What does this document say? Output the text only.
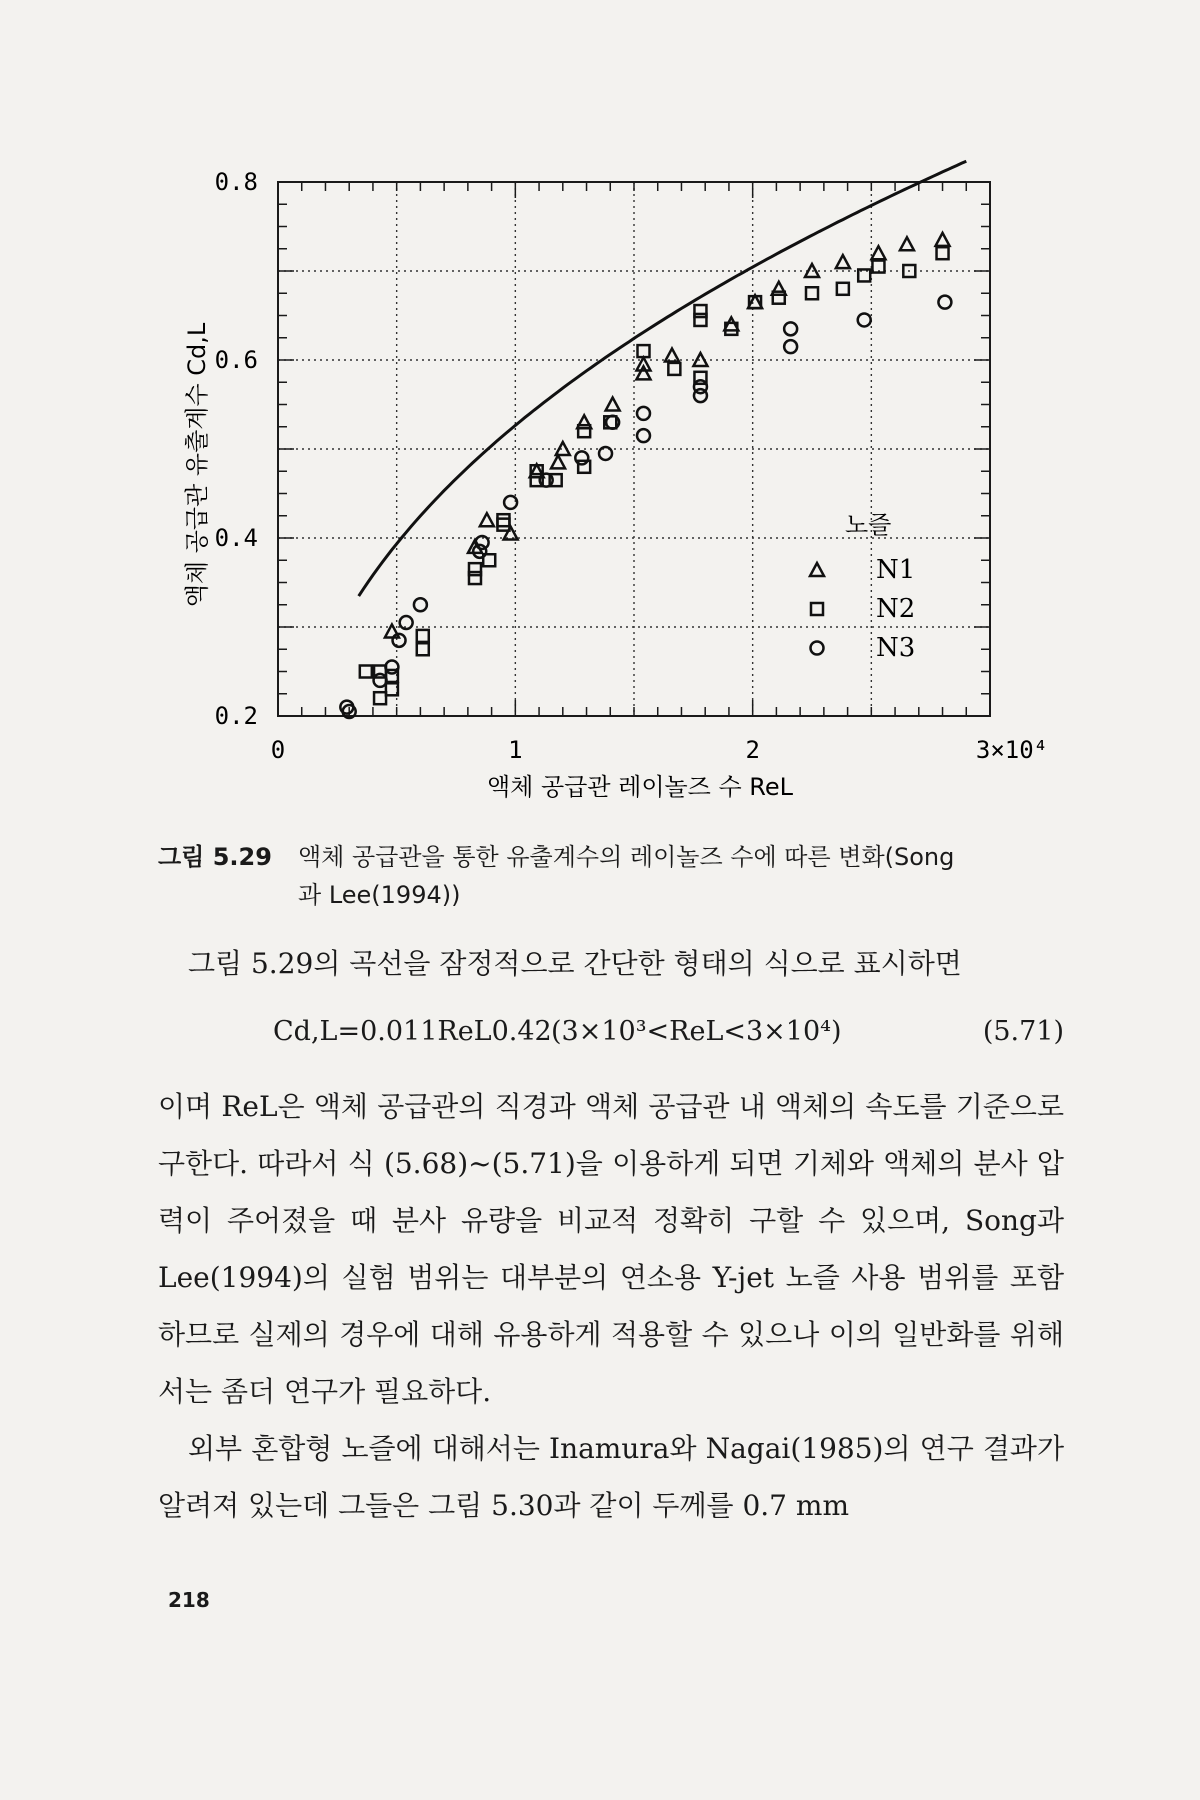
0	1	2	3×10⁴
0.2
0.4
0.6
0.8
노즐
N1
N2
N3
액체 공급관 레이놀즈 수 ReL
액체 공급관 유출계수 Cd,L
그림 5.29 액체 공급관을 통한 유출계수의 레이놀즈 수에 따른 변화(Song
과 Lee(1994))
그림 5.29의 곡선을 잠정적으로 간단한 형태의 식으로 표시하면
Cd,L=0.011ReL0.42 (3×10³<ReL<3×10⁴)	(5.71)
이며 ReL은 액체 공급관의 직경과 액체 공급관 내 액체의 속도를 기준으로 구한다. 따라서 식 (5.68)~(5.71)을 이용하게 되면 기체와 액체의 분사 압력이 주어졌을 때 분사 유량을 비교적 정확히 구할 수 있으며, Song과 Lee(1994)의 실험 범위는 대부분의 연소용 Y-jet 노즐 사용 범위를 포함하므로 실제의 경우에 대해 유용하게 적용할 수 있으나 이의 일반화를 위해서는 좀더 연구가 필요하다.
외부 혼합형 노즐에 대해서는 Inamura와 Nagai(1985)의 연구 결과가 알려져 있는데 그들은 그림 5.30과 같이 두께를 0.7 mm
218
